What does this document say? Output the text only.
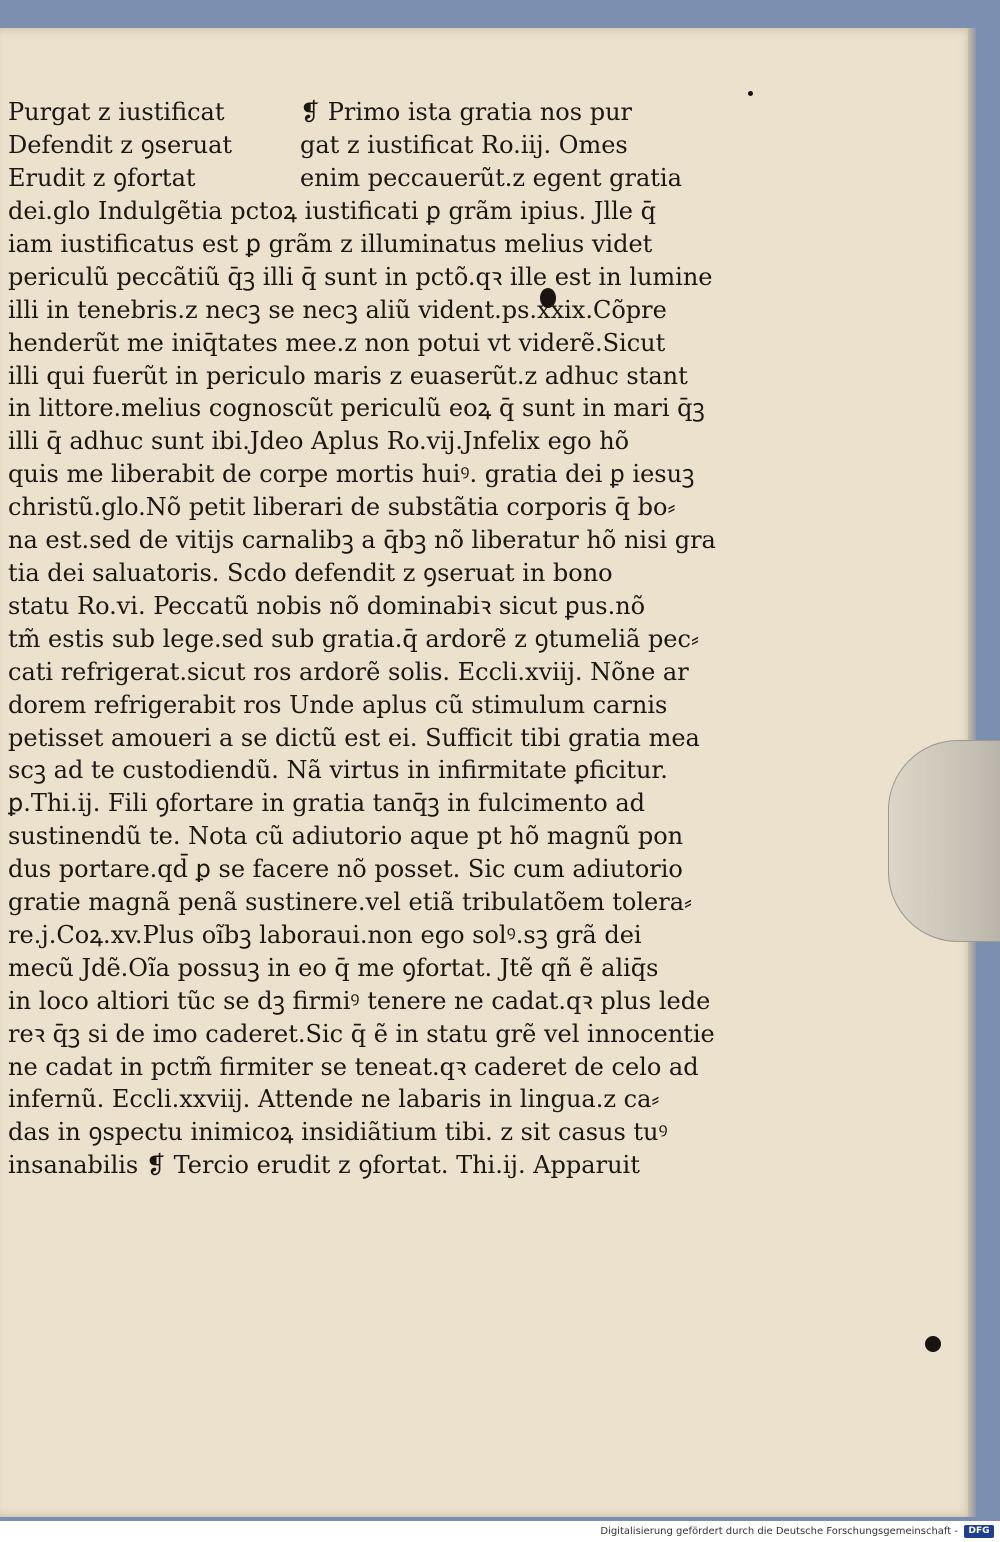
Purgat z iustificat
Defendit z ꝯseruat
Erudit z ꝯfortat
❡ Primo ista gratia nos pur
gat z iustificat Ro.iij. Omes
enim peccauerũt.z egent gratia
dei.glo Indulgẽtia pctoꝝ iustificati ꝑ grãm ipius. Jlle q̄
iam iustificatus est ꝑ grãm z illuminatus melius videt
periculũ peccãtiũ q̄ꝫ illi q̄ sunt in pctõ.qꝛ ille est in lumine
illi in tenebris.z necꝫ se necꝫ aliũ vident.ps.xxix.Cõpre
henderũt me iniq̄tates mee.z non potui vt viderẽ.Sicut
illi qui fuerũt in periculo maris z euaserũt.z adhuc stant
in littore.melius cognoscũt periculũ eoꝝ q̄ sunt in mari q̄ꝫ
illi q̄ adhuc sunt ibi.Jdeo Aplus Ro.vij.Jnfelix ego hõ
quis me liberabit de corpe mortis huiꝰ. gratia dei ꝑ iesuꝫ
christũ.glo.Nõ petit liberari de substãtia corporis q̄ bo⸗
na est.sed de vitijs carnalibꝫ a q̄bꝫ nõ liberatur hõ nisi gra
tia dei saluatoris. Scdo defendit z ꝯseruat in bono
statu Ro.vi. Peccatũ nobis nõ dominabiꝛ sicut ꝑus.nõ
tm̃ estis sub lege.sed sub gratia.q̄ ardorẽ z ꝯtumeliã pec⸗
cati refrigerat.sicut ros ardorẽ solis. Eccli.xviij. Nõne ar
dorem refrigerabit ros Unde aplus cũ stimulum carnis
petisset amoueri a se dictũ est ei. Sufficit tibi gratia mea
scꝫ ad te custodiendũ. Nã virtus in infirmitate ꝑficitur.
ꝑ.Thi.ij. Fili ꝯfortare in gratia tanq̄ꝫ in fulcimento ad
sustinendũ te. Nota cũ adiutorio aque pt hõ magnũ pon
dus portare.qd̄ ꝑ se facere nõ posset. Sic cum adiutorio
gratie magnã penã sustinere.vel etiã tribulatõem tolera⸗
re.j.Coꝝ.xv.Plus oĩbꝫ laboraui.non ego solꝰ.sꝫ grã dei
mecũ Jdẽ.Oĩa possuꝫ in eo q̄ me ꝯfortat. Jtẽ qñ ẽ aliq̄s
in loco altiori tũc se dꝫ firmiꝰ tenere ne cadat.qꝛ plus lede
reꝛ q̄ꝫ si de imo caderet.Sic q̄ ẽ in statu grẽ vel innocentie
ne cadat in pctm̃ firmiter se teneat.qꝛ caderet de celo ad
infernũ. Eccli.xxviij. Attende ne labaris in lingua.z ca⸗
das in ꝯspectu inimicoꝝ insidiãtium tibi. z sit casus tuꝰ
insanabilis ❡ Tercio erudit z ꝯfortat. Thi.ij. Apparuit
Digitalisierung gefördert durch die Deutsche Forschungsgemeinschaft -	DFG
